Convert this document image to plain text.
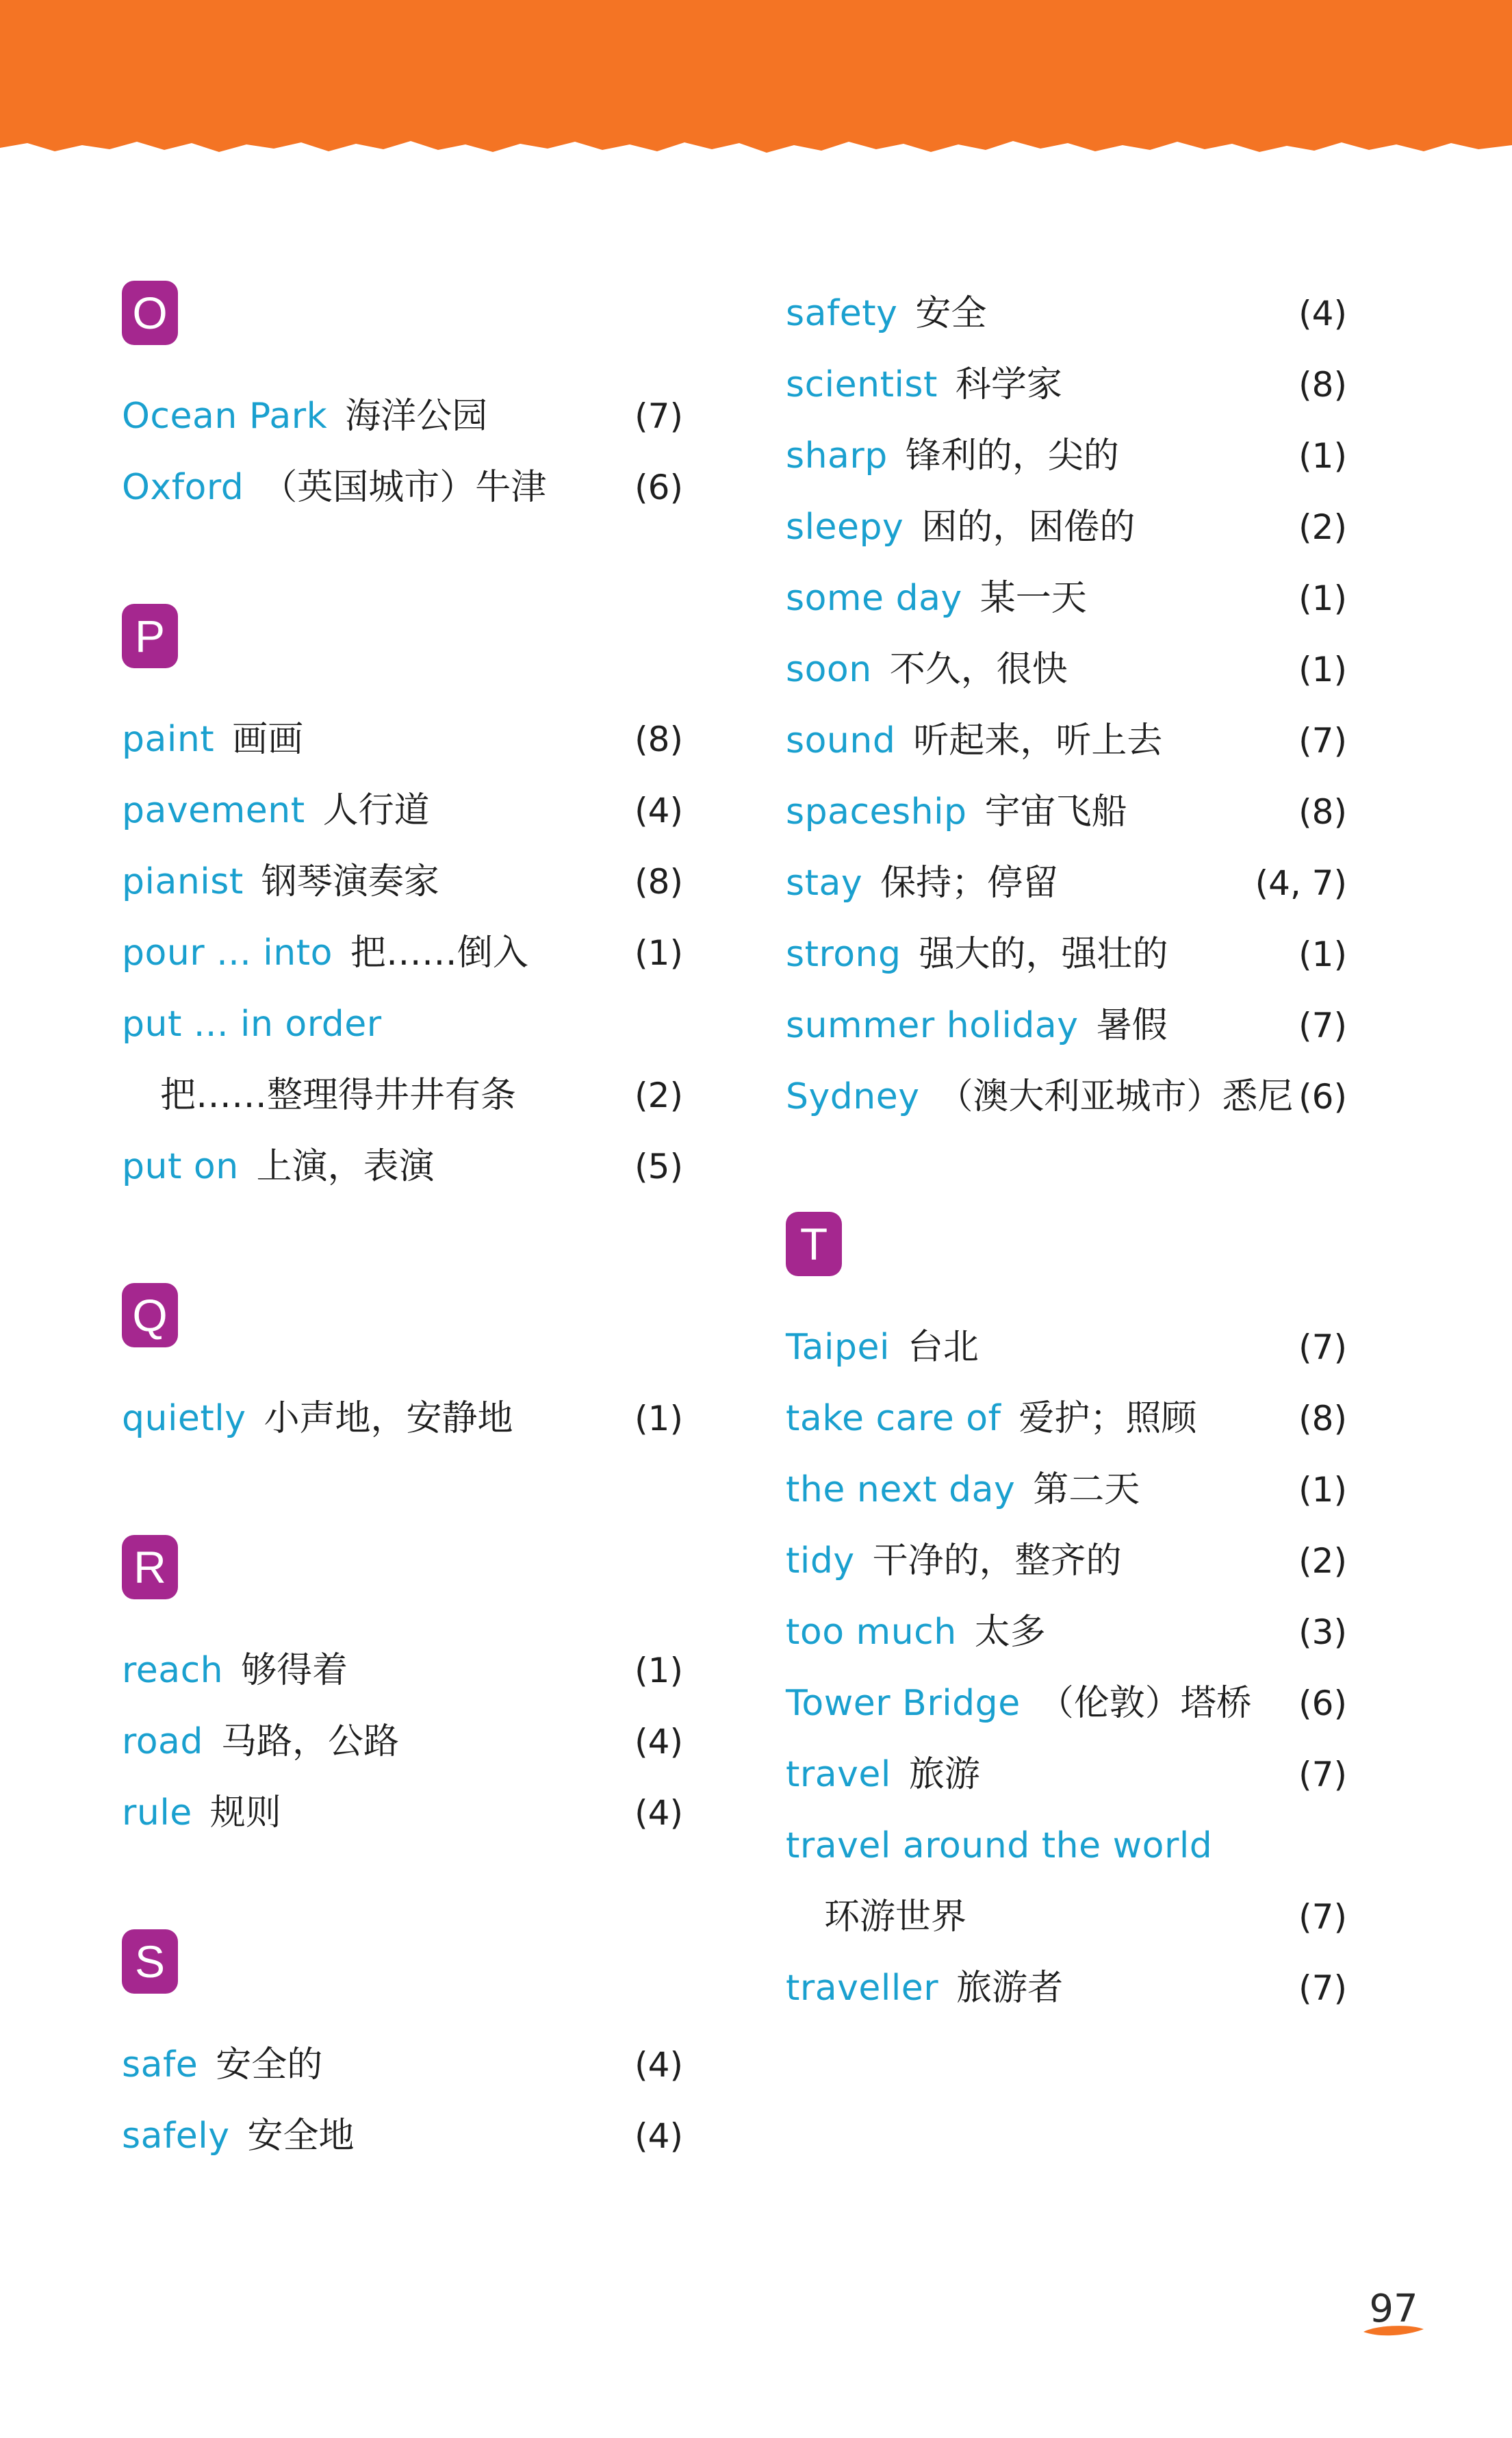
O
Ocean Park 海洋公园	(7)
Oxford （英国城市）牛津	(6)
P
paint 画画	(8)
pavement 人行道	(4)
pianist 钢琴演奏家	(8)
pour ... into 把……倒入	(1)
put ... in order
把……整理得井井有条	(2)
put on 上演，表演	(5)
Q
quietly 小声地，安静地	(1)
R
reach 够得着	(1)
road 马路，公路	(4)
rule 规则	(4)
S
safe 安全的	(4)
safely 安全地	(4)
safety 安全	(4)
scientist 科学家	(8)
sharp 锋利的，尖的	(1)
sleepy 困的，困倦的	(2)
some day 某一天	(1)
soon 不久，很快	(1)
sound 听起来，听上去	(7)
spaceship 宇宙飞船	(8)
stay 保持；停留	(4, 7)
strong 强大的，强壮的	(1)
summer holiday 暑假	(7)
Sydney （澳大利亚城市）悉尼 (6)
T
Taipei 台北	(7)
take care of 爱护；照顾	(8)
the next day 第二天	(1)
tidy 干净的，整齐的	(2)
too much 太多	(3)
Tower Bridge （伦敦）塔桥 (6)
travel 旅游	(7)
travel around the world
环游世界	(7)
traveller 旅游者	(7)
97
